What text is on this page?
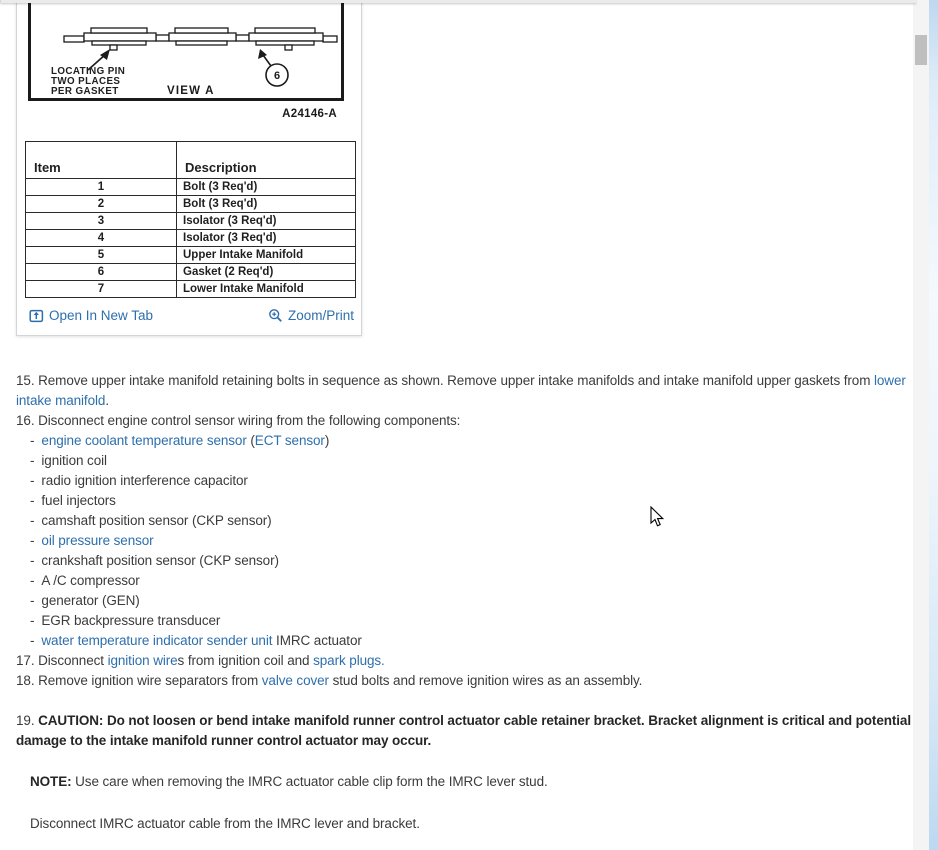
6
LOCATING PIN
TWO PLACES
PER GASKET	VIEW A
A24146-A
Item	Description
1	Bolt (3 Req'd)
2	Bolt (3 Req'd)
3	Isolator (3 Req'd)
4	Isolator (3 Req'd)
5	Upper Intake Manifold
6	Gasket (2 Req'd)
7	Lower Intake Manifold
Open In New Tab	Zoom/Print

15. Remove upper intake manifold retaining bolts in sequence as shown. Remove upper intake manifolds and intake manifold upper gaskets from lower intake manifold.

16. Disconnect engine control sensor wiring from the following components:

- engine coolant temperature sensor (ECT sensor)
- ignition coil
- radio ignition interference capacitor
- fuel injectors
- camshaft position sensor (CKP sensor)
- oil pressure sensor
- crankshaft position sensor (CKP sensor)
- A /C compressor
- generator (GEN)
- EGR backpressure transducer
- water temperature indicator sender unit IMRC actuator

17. Disconnect ignition wires from ignition coil and spark plugs.

18. Remove ignition wire separators from valve cover stud bolts and remove ignition wires as an assembly.

19. CAUTION: Do not loosen or bend intake manifold runner control actuator cable retainer bracket. Bracket alignment is critical and potential damage to the intake manifold runner control actuator may occur.

NOTE: Use care when removing the IMRC actuator cable clip form the IMRC lever stud.

Disconnect IMRC actuator cable from the IMRC lever and bracket.
